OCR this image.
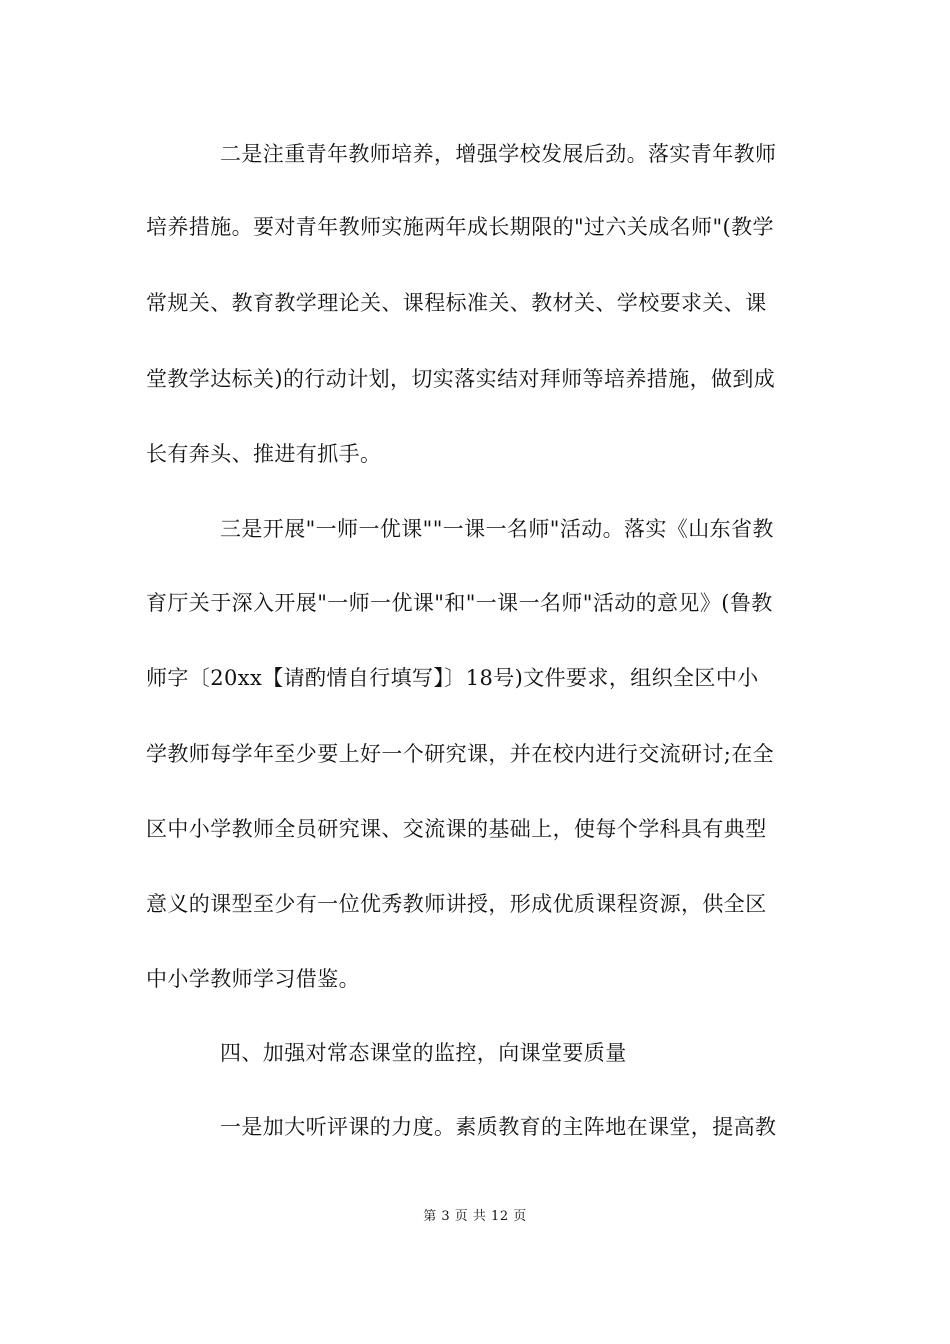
二是注重青年教师培养，增强学校发展后劲。落实青年教师
培养措施。要对青年教师实施两年成长期限的"过六关成名师"(教学
常规关、教育教学理论关、课程标准关、教材关、学校要求关、课
堂教学达标关)的行动计划，切实落实结对拜师等培养措施，做到成
长有奔头、推进有抓手。
三是开展"一师一优课""一课一名师"活动。落实《山东省教
育厅关于深入开展"一师一优课"和"一课一名师"活动的意见》(鲁教
师字〔20xx【请酌情自行填写】〕18号)文件要求，组织全区中小
学教师每学年至少要上好一个研究课，并在校内进行交流研讨;在全
区中小学教师全员研究课、交流课的基础上，使每个学科具有典型
意义的课型至少有一位优秀教师讲授，形成优质课程资源，供全区
中小学教师学习借鉴。
四、加强对常态课堂的监控，向课堂要质量
一是加大听评课的力度。素质教育的主阵地在课堂，提高教
第 3 页 共 12 页
